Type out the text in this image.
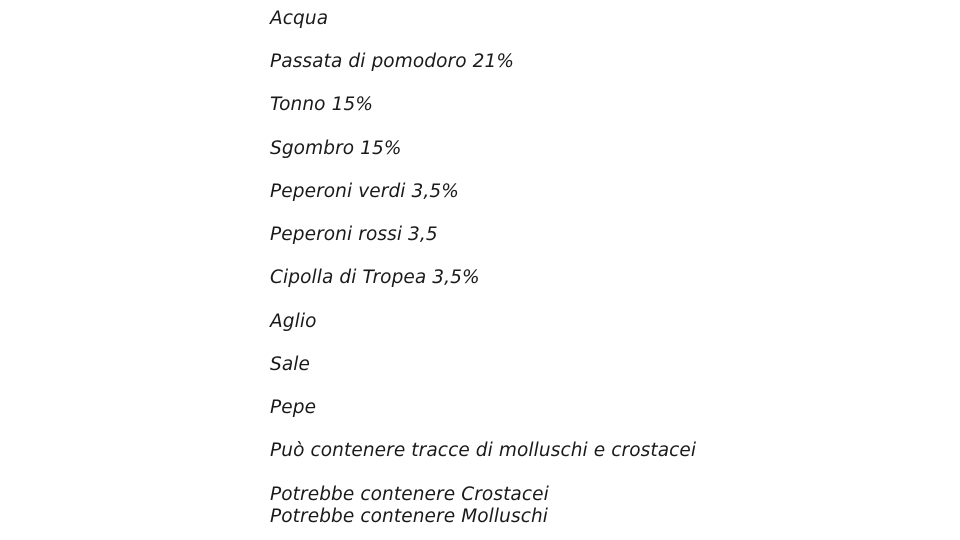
Acqua
Passata di pomodoro 21%
Tonno 15%
Sgombro 15%
Peperoni verdi 3,5%
Peperoni rossi 3,5
Cipolla di Tropea 3,5%
Aglio
Sale
Pepe
Può contenere tracce di molluschi e crostacei
Potrebbe contenere Crostacei
Potrebbe contenere Molluschi
